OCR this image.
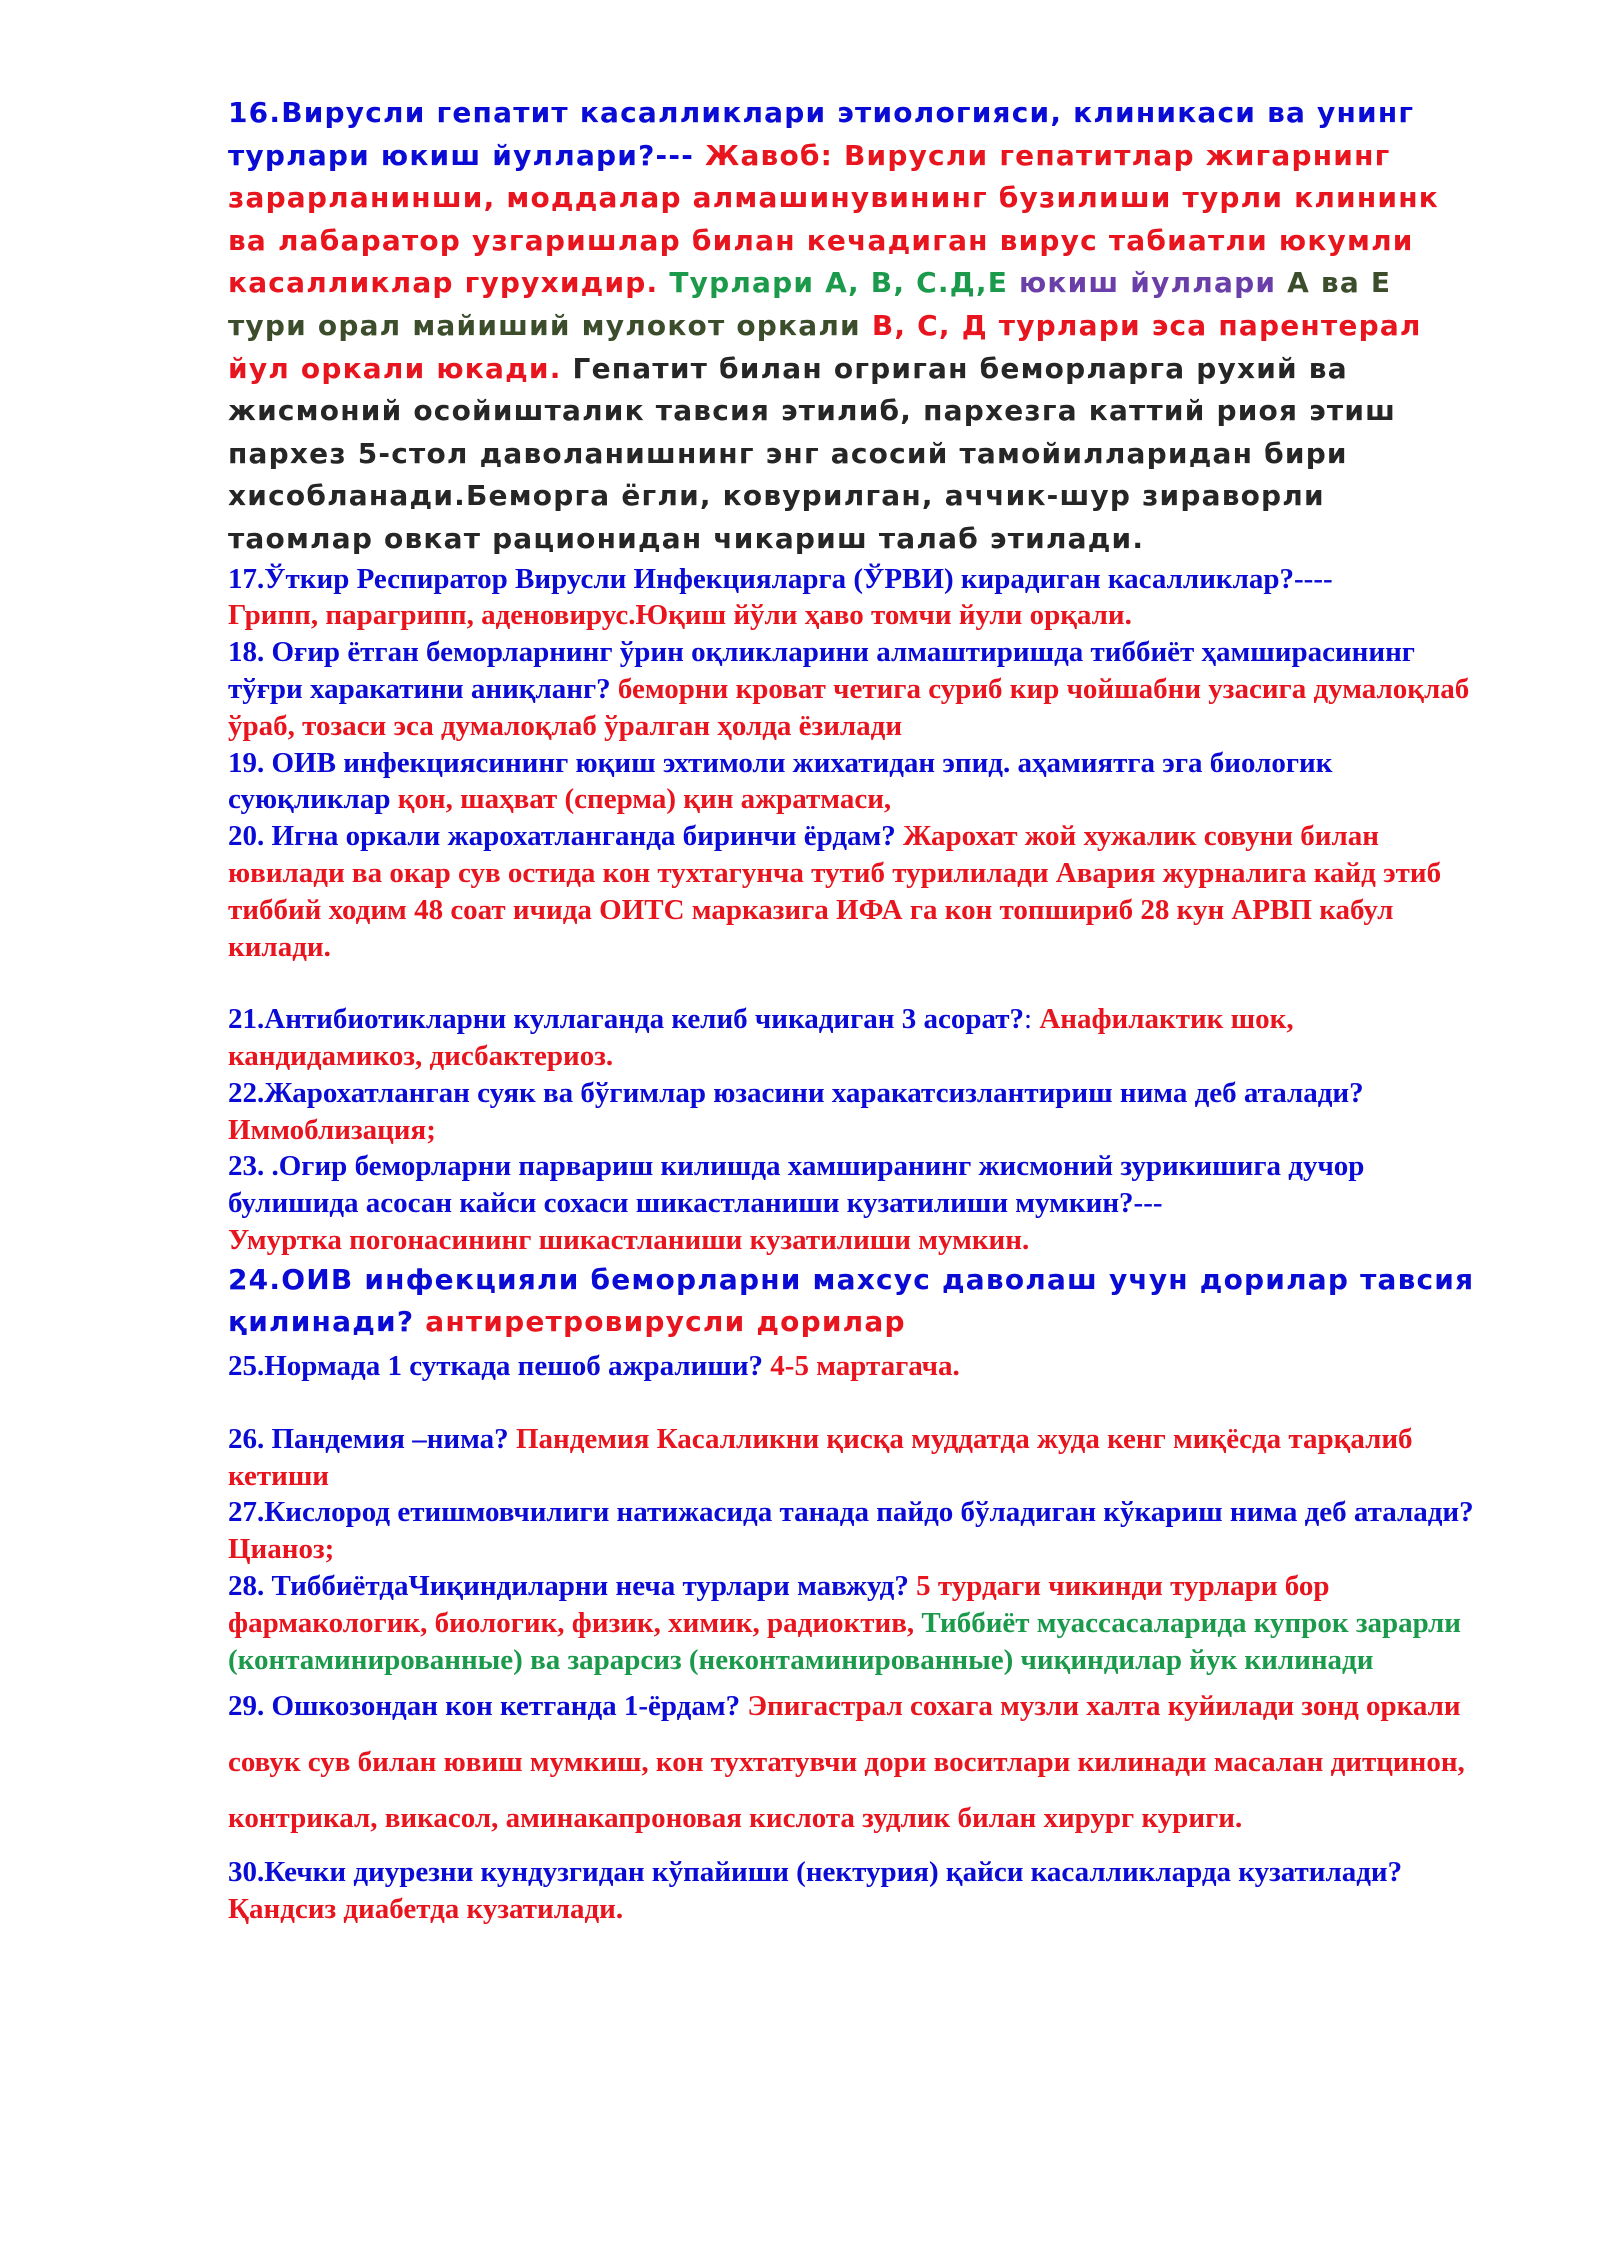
16.Вирусли гепатит касалликлари этиологияси, клиникаси ва унинг турлари юкиш йуллари?--- Жавоб: Вирусли гепатитлар жигарнинг зарарланинши, моддалар алмашинувининг бузилиши турли клининк ва лабаратор узгаришлар билан кечадиган вирус табиатли юкумли касалликлар гурухидир. Турлари А, В, С.Д,Е юкиш йуллари А ва Е тури орал майиший мулокот оркали В, С, Д турлари эса парентерал йул оркали юкади. Гепатит билан огриган беморларга рухий ва жисмоний осойишталик тавсия этилиб, пархезга каттий риоя этиш пархез 5-стол даволанишнинг энг асосий тамойилларидан бири хисобланади.Беморга ёгли, ковурилган, аччик-шур зираворли таомлар овкат рационидан чикариш талаб этилади.

17.Ўткир Респиратор Вирусли Инфекцияларга (ЎРВИ) кирадиган касалликлар?----
Грипп, парагрипп, аденовирус.Юқиш йўли ҳаво томчи йули орқали.

18. Оғир ётган беморларнинг ўрин оқликларини алмаштиришда тиббиёт ҳамширасининг тўғри харакатини аниқланг? беморни кроват четига суриб кир чойшабни узасига думалоқлаб ўраб, тозаси эса думалоқлаб ўралган ҳолда ёзилади

19. ОИВ инфекциясининг юқиш эхтимоли жихатидан эпид. аҳамиятга эга биологик суюқликлар қон, шаҳват (сперма) қин ажратмаси,

20. Игна оркали жарохатланганда биринчи ёрдам? Жарохат жой хужалик совуни билан ювилади ва окар сув остида кон тухтагунча тутиб турилилади Авария журналига кайд этиб тиббий ходим 48 соат ичида ОИТС марказига ИФА га кон топшириб 28 кун АРВП кабул килади.

21.Антибиотикларни куллаганда келиб чикадиган 3 асорат?: Анафилактик шок, кандидамикоз, дисбактериоз.

22.Жарохатланган суяк ва бўгимлар юзасини харакатсизлантириш нима деб аталади? Иммоблизация;

23. .Огир беморларни парвариш килишда хамширанинг жисмоний зурикишига дучор булишида асосан кайси сохаси шикастланиши кузатилиши мумкин?---
Умуртка погонасининг шикастланиши кузатилиши мумкин.

24.ОИВ инфекцияли беморларни махсус даволаш учун дорилар тавсия қилинади? антиретровирусли дорилар

25.Нормада 1 суткада пешоб ажралиши? 4-5 мартагача.

26. Пандемия –нима? Пандемия Касалликни қисқа муддатда жуда кенг миқёсда тарқалиб кетиши

27.Кислород етишмовчилиги натижасида танада пайдо бўладиган кўкариш нима деб аталади? Цианоз;

28. ТиббиётдаЧиқиндиларни неча турлари мавжуд? 5 турдаги чикинди турлари бор фармакологик, биологик, физик, химик, радиоктив, Тиббиёт муассасаларида купрок зарарли (контаминированные) ва зарарсиз (неконтаминированные) чиқиндилар йук килинади

29. Ошкозондан кон кетганда 1-ёрдам? Эпигастрал сохага музли халта куйилади зонд оркали совук сув билан ювиш мумкиш, кон тухтатувчи дори воситлари килинади масалан дитцинон, контрикал, викасол, аминакапроновая кислота зудлик билан хирург куриги.

30.Кечки диурезни кундузгидан кўпайиши (нектурия) қайси касалликларда кузатилади? Қандсиз диабетда кузатилади.
